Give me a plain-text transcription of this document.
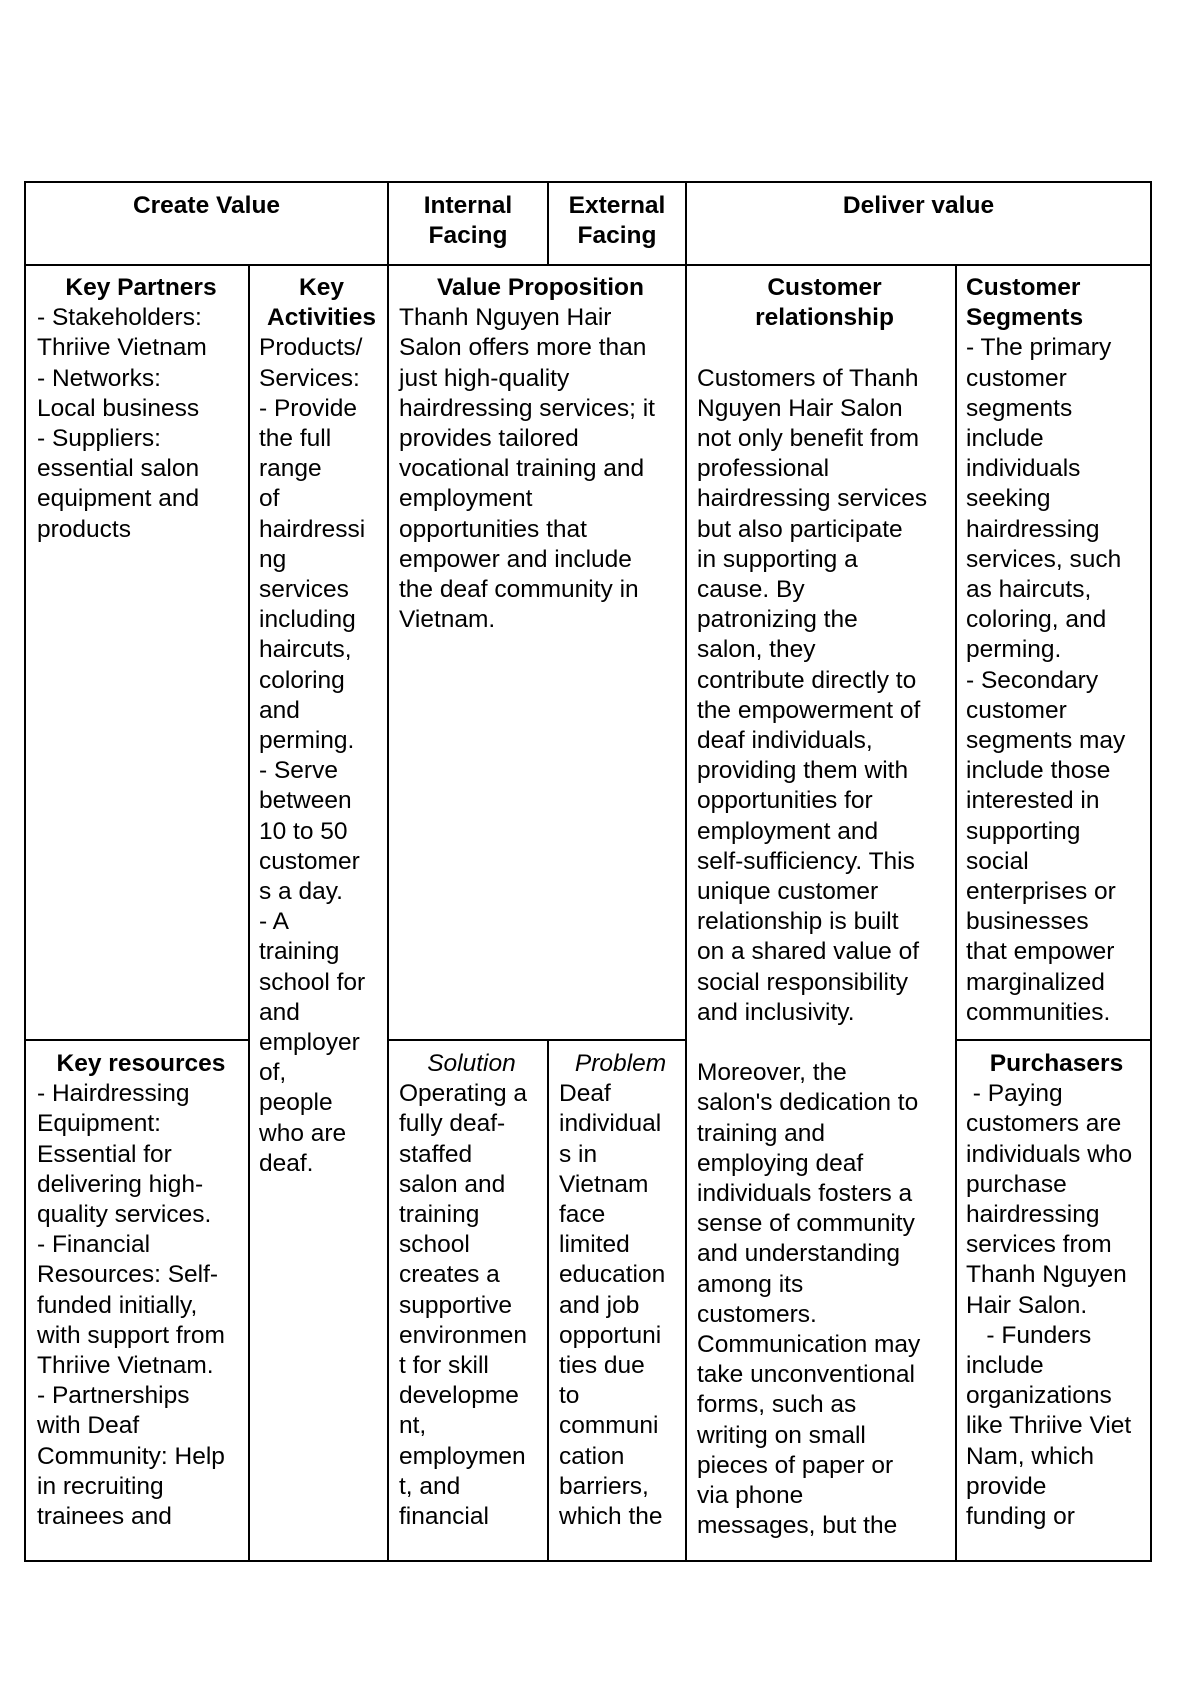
Create Value	Internal
Facing
External
Facing
Deliver value
Key Partners
- Stakeholders:
Thriive Vietnam
- Networks:
Local business
- Suppliers:
essential salon
equipment and
products
Key
Activities
Products/
Services:
- Provide
the full
range
of
hairdressi
ng
services
including
haircuts,
coloring
and
perming.
- Serve
between
10 to 50
customer
s a day.
- A
training
school for
and
employer
of,
people
who are
deaf.
Value Proposition
Thanh Nguyen Hair
Salon offers more than
just high-quality
hairdressing services; it
provides tailored
vocational training and
employment
opportunities that
empower and include
the deaf community in
Vietnam.
Customer
relationship
Customers of Thanh
Nguyen Hair Salon
not only benefit from
professional
hairdressing services
but also participate
in supporting a
cause. By
patronizing the
salon, they
contribute directly to
the empowerment of
deaf individuals,
providing them with
opportunities for
employment and
self-sufficiency. This
unique customer
relationship is built
on a shared value of
social responsibility
and inclusivity.
Moreover, the
salon's dedication to
training and
employing deaf
individuals fosters a
sense of community
and understanding
among its
customers.
Communication may
take unconventional
forms, such as
writing on small
pieces of paper or
via phone
messages, but the
Customer
Segments
- The primary
customer
segments
include
individuals
seeking
hairdressing
services, such
as haircuts,
coloring, and
perming.
- Secondary
customer
segments may
include those
interested in
supporting
social
enterprises or
businesses
that empower
marginalized
communities.
Key resources
- Hairdressing
Equipment:
Essential for
delivering high-
quality services.
- Financial
Resources: Self-
funded initially,
with support from
Thriive Vietnam.
- Partnerships
with Deaf
Community: Help
in recruiting
trainees and
Solution
Operating a
fully deaf-
staffed
salon and
training
school
creates a
supportive
environmen
t for skill
developme
nt,
employmen
t, and
financial
Problem
Deaf
individual
s in
Vietnam
face
limited
education
and job
opportuni
ties due
to
communi
cation
barriers,
which the
Purchasers
- Paying
customers are
individuals who
purchase
hairdressing
services from
Thanh Nguyen
Hair Salon.
- Funders
include
organizations
like Thriive Viet
Nam, which
provide
funding or
